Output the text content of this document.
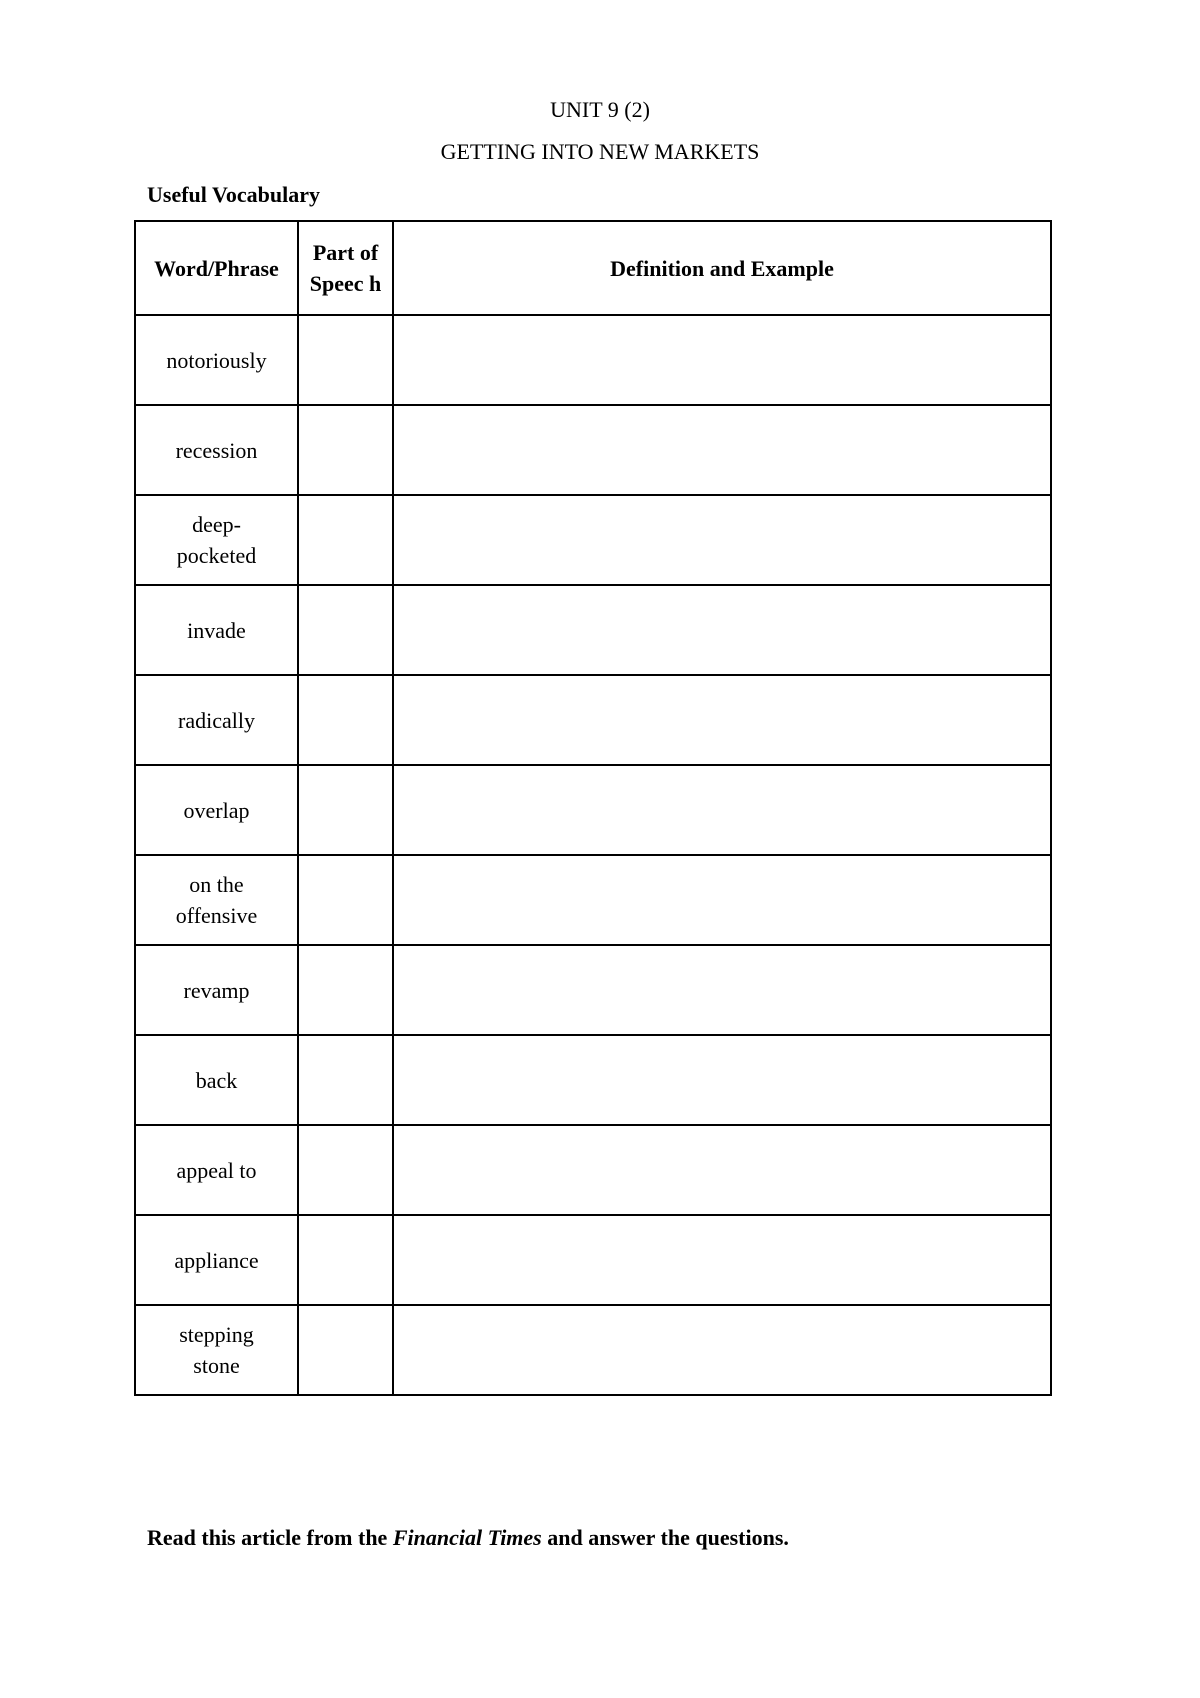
UNIT 9 (2)
GETTING INTO NEW MARKETS
Useful Vocabulary
Word/Phrase	Part of Speec h	Definition and Example
notoriously		
recession		
deep-pocketed		
invade		
radically		
overlap		
on the offensive		
revamp		
back		
appeal to		
appliance		
stepping stone		
Read this article from the Financial Times and answer the questions.
